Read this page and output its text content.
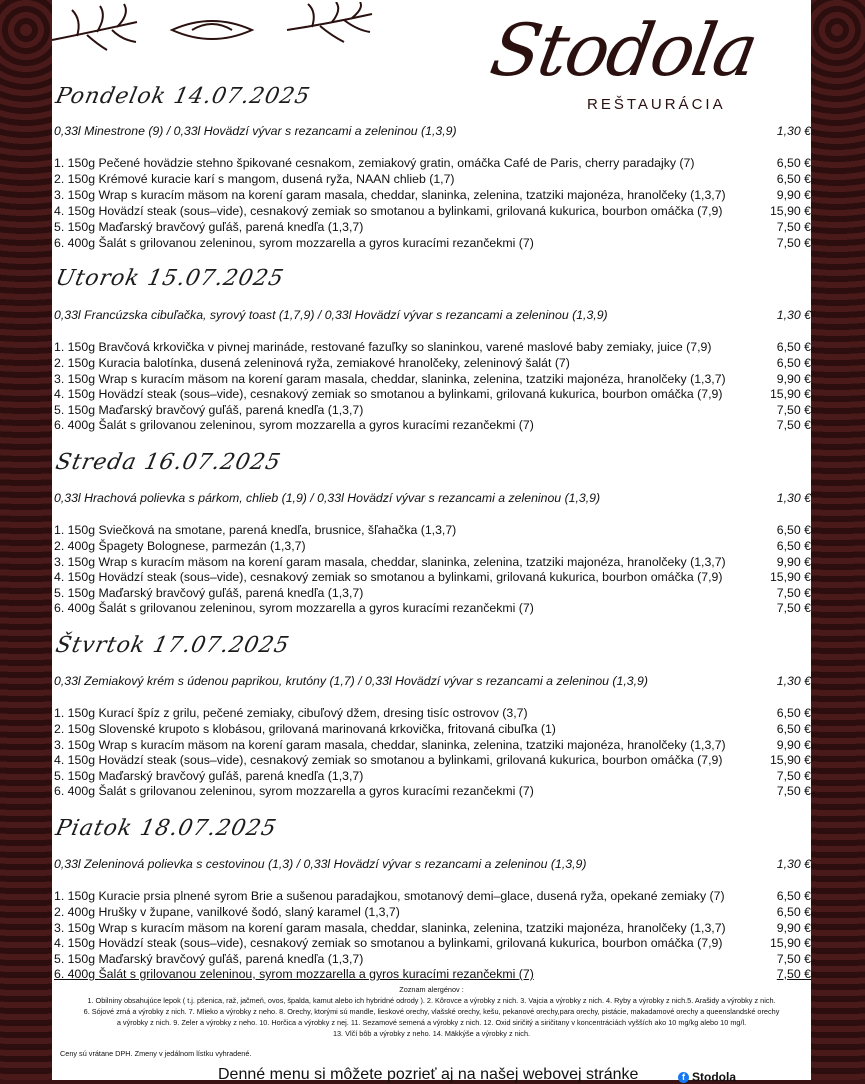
Stodola
REŠTAURÁCIA
Pondelok 14.07.2025
0,33l Minestrone (9) / 0,33l Hovädzí vývar s rezancami a zeleninou (1,3,9)	1,30 €
1. 150g Pečené hovädzie stehno špikované cesnakom, zemiakový gratin, omáčka Café de Paris, cherry paradajky (7)	6,50 €
2. 150g Krémové kuracie karí s mangom, dusená ryža, NAAN chlieb (1,7)	6,50 €
3. 150g Wrap s kuracím mäsom na korení garam masala, cheddar, slaninka, zelenina, tzatziki majonéza, hranolčeky (1,3,7)	9,90 €
4. 150g Hovädzí steak (sous–vide), cesnakový zemiak so smotanou a bylinkami, grilovaná kukurica, bourbon omáčka (7,9)	15,90 €
5. 150g Maďarský bravčový guľáš, parená knedľa (1,3,7)	7,50 €
6. 400g Šalát s grilovanou zeleninou, syrom mozzarella a gyros kuracími rezančekmi (7)	7,50 €
Utorok 15.07.2025
0,33l Francúzska cibuľačka, syrový toast (1,7,9) / 0,33l Hovädzí vývar s rezancami a zeleninou (1,3,9)	1,30 €
1. 150g Bravčová krkovička v pivnej marináde, restované fazuľky so slaninkou, varené maslové baby zemiaky, juice (7,9)	6,50 €
2. 150g Kuracia balotínka, dusená zeleninová ryža, zemiakové hranolčeky, zeleninový šalát (7)	6,50 €
3. 150g Wrap s kuracím mäsom na korení garam masala, cheddar, slaninka, zelenina, tzatziki majonéza, hranolčeky (1,3,7)	9,90 €
4. 150g Hovädzí steak (sous–vide), cesnakový zemiak so smotanou a bylinkami, grilovaná kukurica, bourbon omáčka (7,9)	15,90 €
5. 150g Maďarský bravčový guľáš, parená knedľa (1,3,7)	7,50 €
6. 400g Šalát s grilovanou zeleninou, syrom mozzarella a gyros kuracími rezančekmi (7)	7,50 €
Streda 16.07.2025
0,33l Hrachová polievka s párkom, chlieb (1,9) / 0,33l Hovädzí vývar s rezancami a zeleninou (1,3,9)	1,30 €
1. 150g Sviečková na smotane, parená knedľa, brusnice, šľahačka (1,3,7)	6,50 €
2. 400g Špagety Bolognese, parmezán (1,3,7)	6,50 €
3. 150g Wrap s kuracím mäsom na korení garam masala, cheddar, slaninka, zelenina, tzatziki majonéza, hranolčeky (1,3,7)	9,90 €
4. 150g Hovädzí steak (sous–vide), cesnakový zemiak so smotanou a bylinkami, grilovaná kukurica, bourbon omáčka (7,9)	15,90 €
5. 150g Maďarský bravčový guľáš, parená knedľa (1,3,7)	7,50 €
6. 400g Šalát s grilovanou zeleninou, syrom mozzarella a gyros kuracími rezančekmi (7)	7,50 €
Štvrtok 17.07.2025
0,33l Zemiakový krém s údenou paprikou, krutóny (1,7) / 0,33l Hovädzí vývar s rezancami a zeleninou (1,3,9)	1,30 €
1. 150g Kurací špíz z grilu, pečené zemiaky, cibuľový džem, dresing tisíc ostrovov (3,7)	6,50 €
2. 150g Slovenské krupoto s klobásou, grilovaná marinovaná krkovička, fritovaná cibuľka (1)	6,50 €
3. 150g Wrap s kuracím mäsom na korení garam masala, cheddar, slaninka, zelenina, tzatziki majonéza, hranolčeky (1,3,7)	9,90 €
4. 150g Hovädzí steak (sous–vide), cesnakový zemiak so smotanou a bylinkami, grilovaná kukurica, bourbon omáčka (7,9)	15,90 €
5. 150g Maďarský bravčový guľáš, parená knedľa (1,3,7)	7,50 €
6. 400g Šalát s grilovanou zeleninou, syrom mozzarella a gyros kuracími rezančekmi (7)	7,50 €
Piatok 18.07.2025
0,33l Zeleninová polievka s cestovinou (1,3) / 0,33l Hovädzí vývar s rezancami a zeleninou (1,3,9)	1,30 €
1. 150g Kuracie prsia plnené syrom Brie a sušenou paradajkou, smotanový demi–glace, dusená ryža, opekané zemiaky (7)	6,50 €
2. 400g Hrušky v župane, vanilkové šodó, slaný karamel (1,3,7)	6,50 €
3. 150g Wrap s kuracím mäsom na korení garam masala, cheddar, slaninka, zelenina, tzatziki majonéza, hranolčeky (1,3,7)	9,90 €
4. 150g Hovädzí steak (sous–vide), cesnakový zemiak so smotanou a bylinkami, grilovaná kukurica, bourbon omáčka (7,9)	15,90 €
5. 150g Maďarský bravčový guľáš, parená knedľa (1,3,7)	7,50 €
6. 400g Šalát s grilovanou zeleninou, syrom mozzarella a gyros kuracími rezančekmi (7)	7,50 €
Zoznam alergénov :
1. Obilniny obsahujúce lepok ( t.j. pšenica, raž, jačmeň, ovos, špalda, kamut alebo ich hybridné odrody ). 2. Kôrovce a výrobky z nich. 3. Vajcia a výrobky z nich. 4. Ryby a výrobky z nich.5. Arašidy a výrobky z nich.
6. Sójové zrná a výrobky z nich. 7. Mlieko a výrobky z neho. 8. Orechy, ktorými sú mandle, lieskové orechy, vlašské orechy, kešu, pekanové orechy,para orechy, pistácie, makadamové orechy a queenslandské orechy
a výrobky z nich. 9. Zeler a výrobky z neho. 10. Horčica a výrobky z nej. 11. Sezamové semená a výrobky z nich. 12. Oxid siričitý a siričitany v koncentráciách vyšších ako 10 mg/kg alebo 10 mg/l.
13. Vlčí bôb a výrobky z neho. 14. Mäkkýše a výrobky z nich.
Ceny sú vrátane DPH. Zmeny v jedálnom lístku vyhradené.
Denné menu si môžete pozrieť aj na našej webovej stránke	f Stodola
